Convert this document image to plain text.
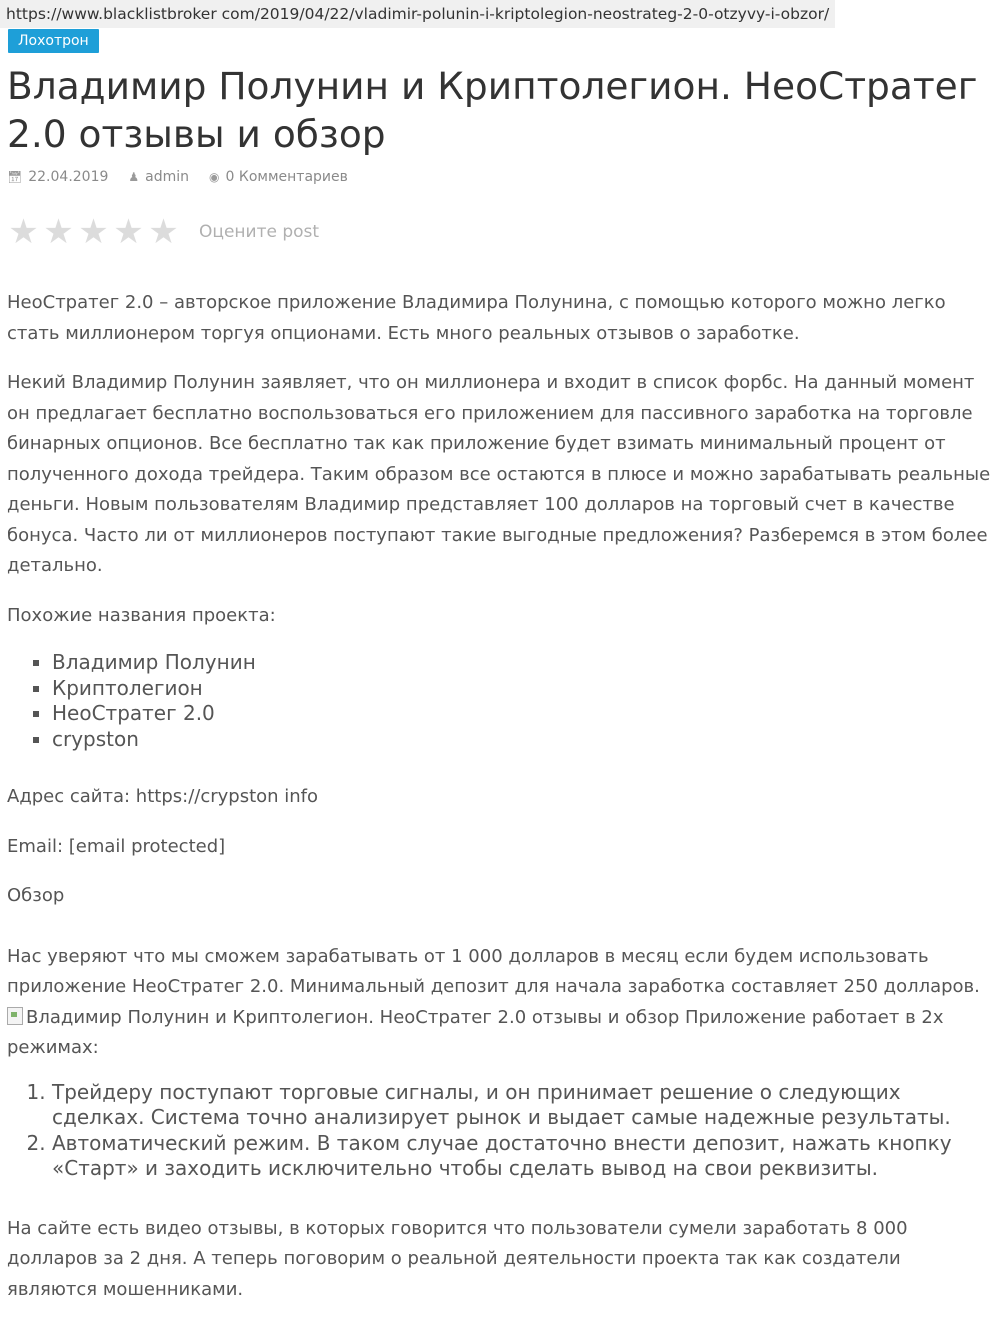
https://www.blacklistbroker com/2019/04/22/vladimir-polunin-i-kriptolegion-neostrateg-2-0-otzyvy-i-obzor/
Лохотрон
Владимир Полунин и Криптолегион. НеоСтратег 2.0 отзывы и обзор
📅︎ 22.04.2019 ♟ admin ◉ 0 Комментариев
★ ★ ★ ★ ★ Оцените post

НеоСтратег 2.0 – авторское приложение Владимира Полунина, с помощью которого можно легко стать миллионером торгуя опционами. Есть много реальных отзывов о заработке.

Некий Владимир Полунин заявляет, что он миллионера и входит в список форбс. На данный момент он предлагает бесплатно воспользоваться его приложением для пассивного заработка на торговле бинарных опционов. Все бесплатно так как приложение будет взимать минимальный процент от полученного дохода трейдера. Таким образом все остаются в плюсе и можно зарабатывать реальные деньги. Новым пользователям Владимир представляет 100 долларов на торговый счет в качестве бонуса. Часто ли от миллионеров поступают такие выгодные предложения? Разберемся в этом более детально.

Похожие названия проекта:

▪ Владимир Полунин
▪ Криптолегион
▪ НеоСтратег 2.0
▪ crypston

Адрес сайта: https://crypston info

Email: [email protected]

Обзор

Нас уверяют что мы сможем зарабатывать от 1 000 долларов в месяц если будем использовать приложение НеоСтратег 2.0. Минимальный депозит для начала заработка составляет 250 долларов.
Владимир Полунин и Криптолегион. НеоСтратег 2.0 отзывы и обзор Приложение работает в 2х режимах:

1. Трейдеру поступают торговые сигналы, и он принимает решение о следующих сделках. Система точно анализирует рынок и выдает самые надежные результаты.
2. Автоматический режим. В таком случае достаточно внести депозит, нажать кнопку «Старт» и заходить исключительно чтобы сделать вывод на свои реквизиты.

На сайте есть видео отзывы, в которых говорится что пользователи сумели заработать 8 000 долларов за 2 дня. А теперь поговорим о реальной деятельности проекта так как создатели являются мошенниками.
